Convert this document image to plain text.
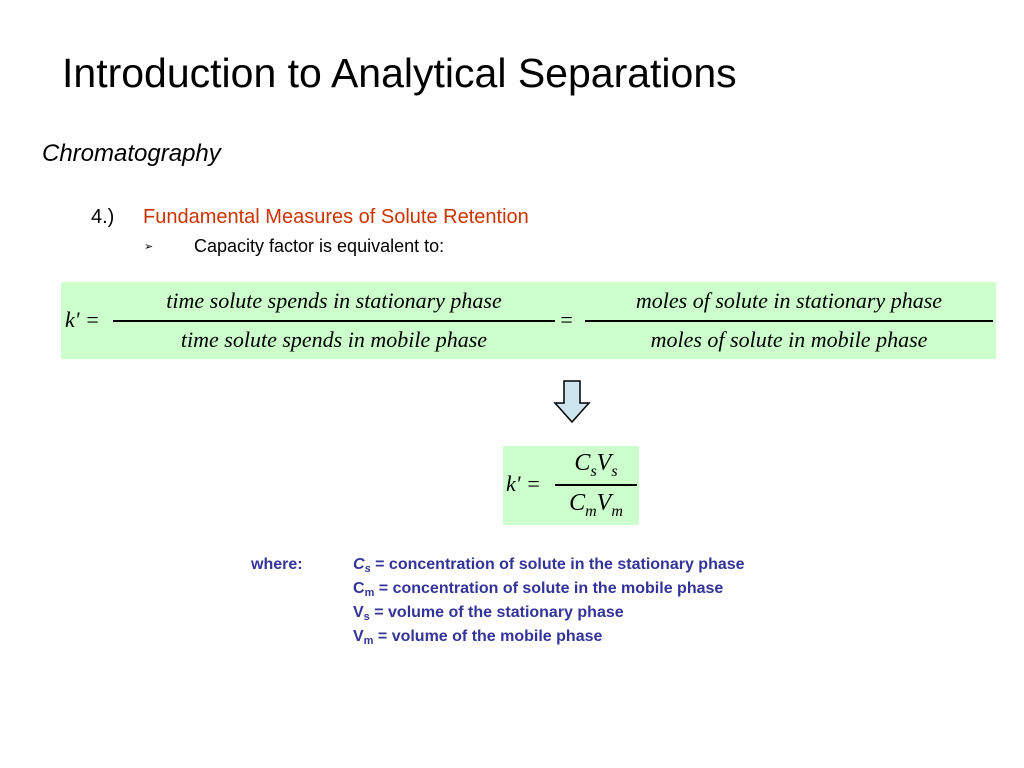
Introduction to Analytical Separations
Chromatography
4.) Fundamental Measures of Solute Retention
➢ Capacity factor is equivalent to:
k' =
time solute spends in stationary phase
time solute spends in mobile phase
=
moles of solute in stationary phase
moles of solute in mobile phase
k' =
$C_sV_s$
$C_mV_m$
where:	$C_s$ = concentration of solute in the stationary phase
$C_m$ = concentration of solute in the mobile phase
$V_s$ = volume of the stationary phase
$V_m$ = volume of the mobile phase
